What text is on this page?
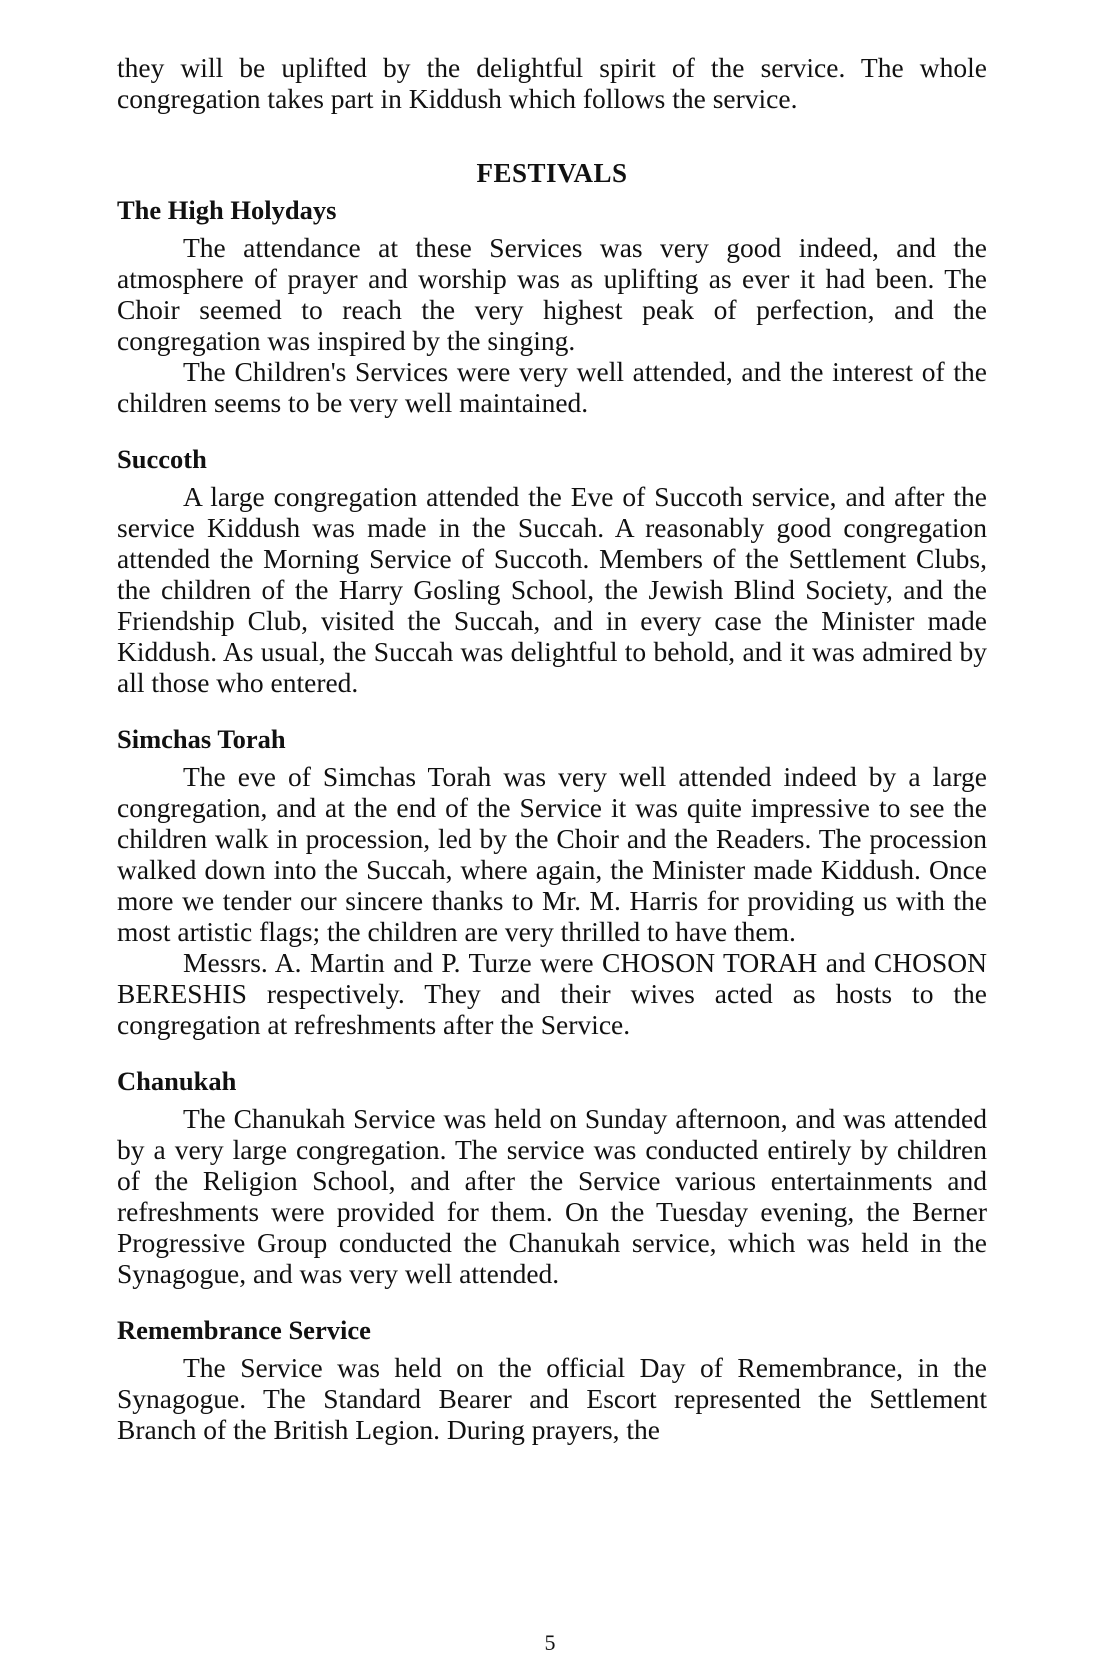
they will be uplifted by the delightful spirit of the service. The whole congregation takes part in Kiddush which follows the service.

FESTIVALS
The High Holydays

The attendance at these Services was very good indeed, and the atmosphere of prayer and worship was as uplifting as ever it had been. The Choir seemed to reach the very highest peak of perfection, and the congregation was inspired by the singing.

The Children's Services were very well attended, and the interest of the children seems to be very well maintained.

Succoth

A large congregation attended the Eve of Succoth service, and after the service Kiddush was made in the Succah. A reasonably good congregation attended the Morning Service of Succoth. Members of the Settlement Clubs, the children of the Harry Gosling School, the Jewish Blind Society, and the Friendship Club, visited the Succah, and in every case the Minister made Kiddush. As usual, the Succah was delightful to behold, and it was admired by all those who entered.

Simchas Torah

The eve of Simchas Torah was very well attended indeed by a large congregation, and at the end of the Service it was quite impressive to see the children walk in procession, led by the Choir and the Readers. The procession walked down into the Succah, where again, the Minister made Kiddush. Once more we tender our sincere thanks to Mr. M. Harris for providing us with the most artistic flags; the children are very thrilled to have them.

Messrs. A. Martin and P. Turze were CHOSON TORAH and CHOSON BERESHIS respectively. They and their wives acted as hosts to the congregation at refreshments after the Service.

Chanukah

The Chanukah Service was held on Sunday afternoon, and was attended by a very large congregation. The service was conducted entirely by children of the Religion School, and after the Service various entertainments and refreshments were provided for them. On the Tuesday evening, the Berner Progressive Group conducted the Chanukah service, which was held in the Synagogue, and was very well attended.

Remembrance Service

The Service was held on the official Day of Remembrance, in the Synagogue. The Standard Bearer and Escort represented the Settlement Branch of the British Legion. During prayers, the

5
